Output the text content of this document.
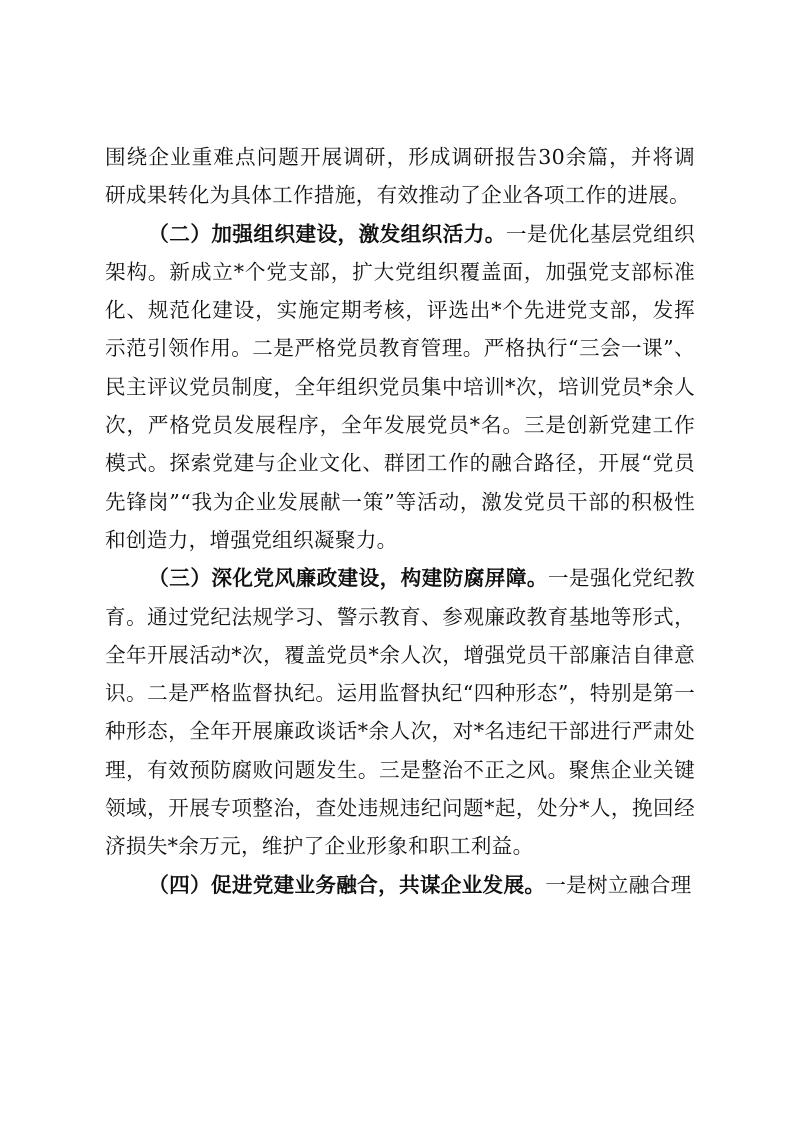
围绕企业重难点问题开展调研，形成调研报告30余篇，并将调研成果转化为具体工作措施，有效推动了企业各项工作的进展。

（二）加强组织建设，激发组织活力。一是优化基层党组织架构。新成立*个党支部，扩大党组织覆盖面，加强党支部标准化、规范化建设，实施定期考核，评选出*个先进党支部，发挥示范引领作用。二是严格党员教育管理。严格执行“三会一课”、民主评议党员制度，全年组织党员集中培训*次，培训党员*余人次，严格党员发展程序，全年发展党员*名。三是创新党建工作模式。探索党建与企业文化、群团工作的融合路径，开展“党员先锋岗”“我为企业发展献一策”等活动，激发党员干部的积极性和创造力，增强党组织凝聚力。

（三）深化党风廉政建设，构建防腐屏障。一是强化党纪教育。通过党纪法规学习、警示教育、参观廉政教育基地等形式，全年开展活动*次，覆盖党员*余人次，增强党员干部廉洁自律意识。二是严格监督执纪。运用监督执纪“四种形态”，特别是第一种形态，全年开展廉政谈话*余人次，对*名违纪干部进行严肃处理，有效预防腐败问题发生。三是整治不正之风。聚焦企业关键领域，开展专项整治，查处违规违纪问题*起，处分*人，挽回经济损失*余万元，维护了企业形象和职工利益。

（四）促进党建业务融合，共谋企业发展。一是树立融合理
